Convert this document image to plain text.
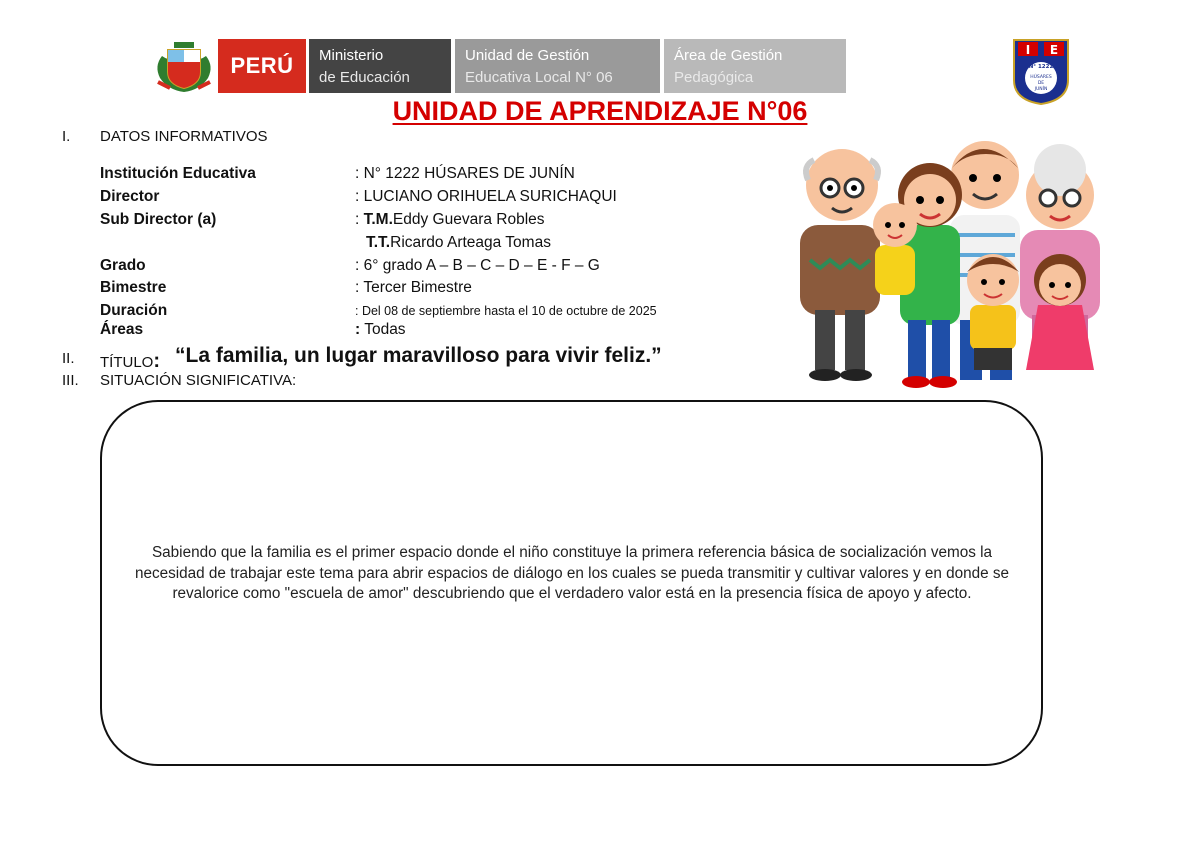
PERÚ	Ministerio
de Educación
Unidad de Gestión
Educativa Local N° 06
Área de Gestión
Pedagógica
I E
N° 1222
HÚSARES
DE
JUNÍN
UNIDAD DE APRENDIZAJE N°06
I. DATOS INFORMATIVOS
Institución Educativa	: N° 1222 HÚSARES DE JUNÍN
Director	: LUCIANO ORIHUELA SURICHAQUI
Sub Director (a)	: T.M.Eddy Guevara Robles
T.T.Ricardo Arteaga Tomas
Grado	: 6° grado A – B – C – D – E - F – G
Bimestre	: Tercer Bimestre
Duración	: Del 08 de septiembre hasta el 10 de octubre de 2025
Áreas	: Todas
II. TÍTULO: “La familia, un lugar maravilloso para vivir feliz.”
III. SITUACIÓN SIGNIFICATIVA:
Sabiendo que la familia es el primer espacio donde el niño constituye la primera referencia básica de socialización vemos la necesidad de trabajar este tema para abrir espacios de diálogo en los cuales se pueda transmitir y cultivar valores y en donde se revalorice como "escuela de amor" descubriendo que el verdadero valor está en la presencia física de apoyo y afecto.
